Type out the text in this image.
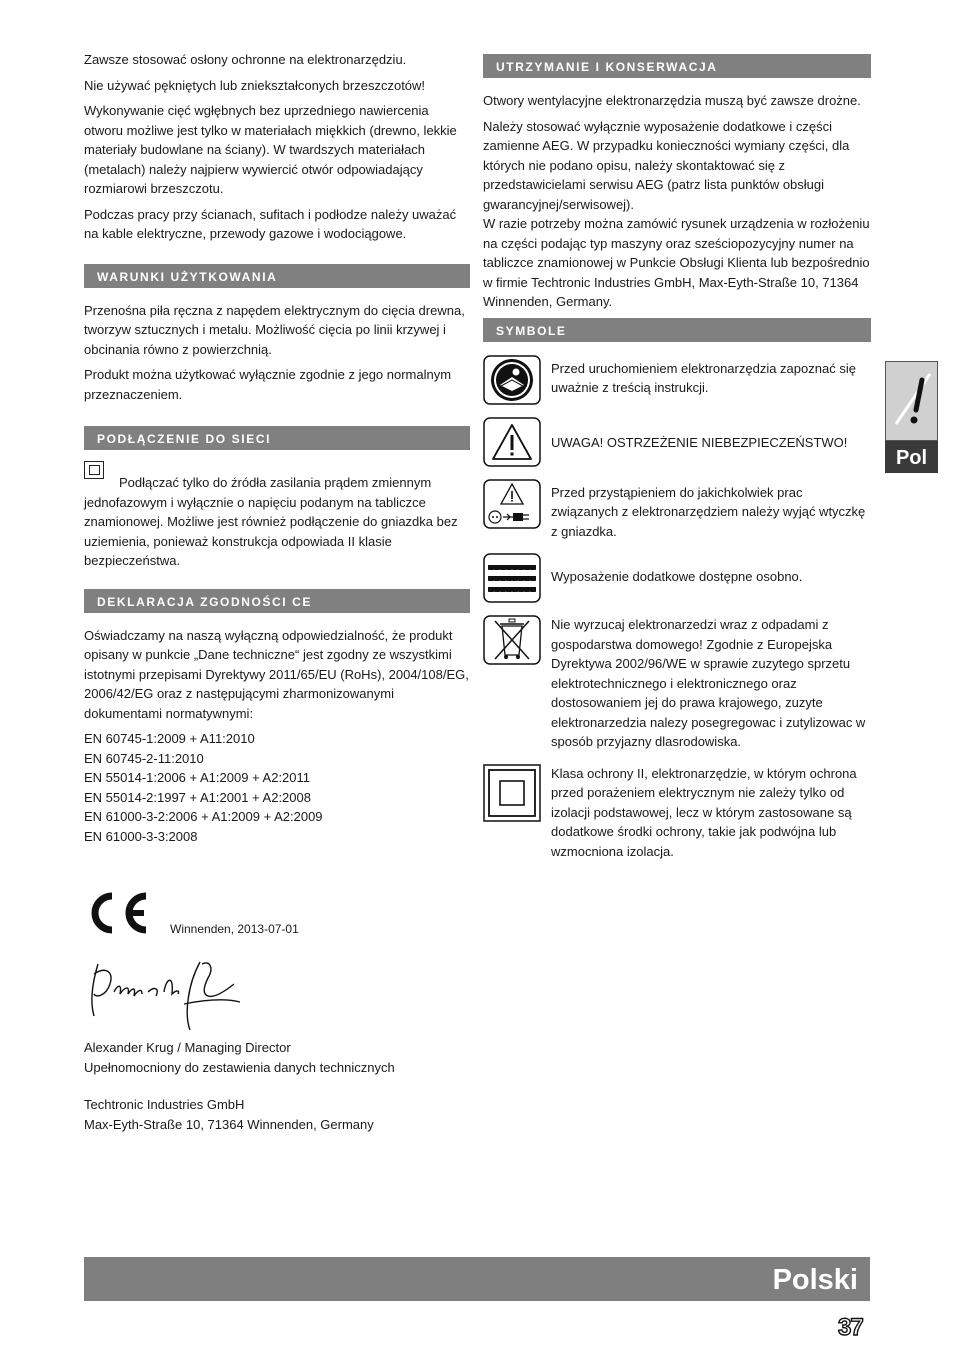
Zawsze stosować osłony ochronne na elektronarzędziu.

Nie używać pękniętych lub zniekształconych brzeszczotów!

Wykonywanie cięć wgłębnych bez uprzedniego nawiercenia otworu możliwe jest tylko w materiałach miękkich (drewno, lekkie materiały budowlane na ściany). W twardszych materiałach (metalach) należy najpierw wywiercić otwór odpowiadający rozmiarowi brzeszczotu.

Podczas pracy przy ścianach, sufitach i podłodze należy uważać na kable elektryczne, przewody gazowe i wodociągowe.

WARUNKI UŻYTKOWANIA

Przenośna piła ręczna z napędem elektrycznym do cięcia drewna, tworzyw sztucznych i metalu. Możliwość cięcia po linii krzywej i obcinania równo z powierzchnią.

Produkt można użytkować wyłącznie zgodnie z jego normalnym przeznaczeniem.

PODŁĄCZENIE DO SIECI

Podłączać tylko do źródła zasilania prądem zmiennym jednofazowym i wyłącznie o napięciu podanym na tabliczce znamionowej. Możliwe jest również podłączenie do gniazdka bez uziemienia, ponieważ konstrukcja odpowiada II klasie bezpieczeństwa.

DEKLARACJA ZGODNOŚCI CE

Oświadczamy na naszą wyłączną odpowiedzialność, że produkt opisany w punkcie „Dane techniczne“ jest zgodny ze wszystkimi istotnymi przepisami Dyrektywy 2011/65/EU (RoHs), 2004/108/EG, 2006/42/EG oraz z następującymi zharmonizowanymi dokumentami normatywnymi:

EN 60745-1:2009 + A11:2010
EN 60745-2-11:2010
EN 55014-1:2006 + A1:2009 + A2:2011
EN 55014-2:1997 + A1:2001 + A2:2008
EN 61000-3-2:2006 + A1:2009 + A2:2009
EN 61000-3-3:2008
Winnenden, 2013-07-01

Alexander Krug / Managing Director

Upełnomocniony do zestawienia danych technicznych

Techtronic Industries GmbH

Max-Eyth-Straße 10, 71364 Winnenden, Germany

UTRZYMANIE I KONSERWACJA

Otwory wentylacyjne elektronarzędzia muszą być zawsze drożne.

Należy stosować wyłącznie wyposażenie dodatkowe i części zamienne AEG. W przypadku konieczności wymiany części, dla których nie podano opisu, należy skontaktować się z przedstawicielami serwisu AEG (patrz lista punktów obsługi gwarancyjnej/serwisowej).

W razie potrzeby można zamówić rysunek urządzenia w rozłożeniu na części podając typ maszyny oraz sześciopozycyjny numer na tabliczce znamionowej w Punkcie Obsługi Klienta lub bezpośrednio w firmie Techtronic Industries GmbH, Max-Eyth-Straße 10, 71364 Winnenden, Germany.

SYMBOLE
Przed uruchomieniem elektronarzędzia zapoznać się uważnie z treścią instrukcji.
UWAGA! OSTRZEŻENIE NIEBEZPIECZEŃSTWO!
Przed przystąpieniem do jakichkolwiek prac związanych z elektronarzędziem należy wyjąć wtyczkę z gniazdka.
Wyposażenie dodatkowe dostępne osobno.
Nie wyrzucaj elektronarzedzi wraz z odpadami z gospodarstwa domowego! Zgodnie z Europejska Dyrektywa 2002/96/WE w sprawie zuzytego sprzetu elektrotechnicznego i elektronicznego oraz dostosowaniem jej do prawa krajowego, zuzyte elektronarzedzia nalezy posegregowac i zutylizowac w sposób przyjazny dlasrodowiska.
Klasa ochrony II, elektronarzędzie, w którym ochrona przed porażeniem elektrycznym nie zależy tylko od izolacji podstawowej, lecz w którym zastosowane są dodatkowe środki ochrony, takie jak podwójna lub wzmocniona izolacja.
Pol
Polski
37
